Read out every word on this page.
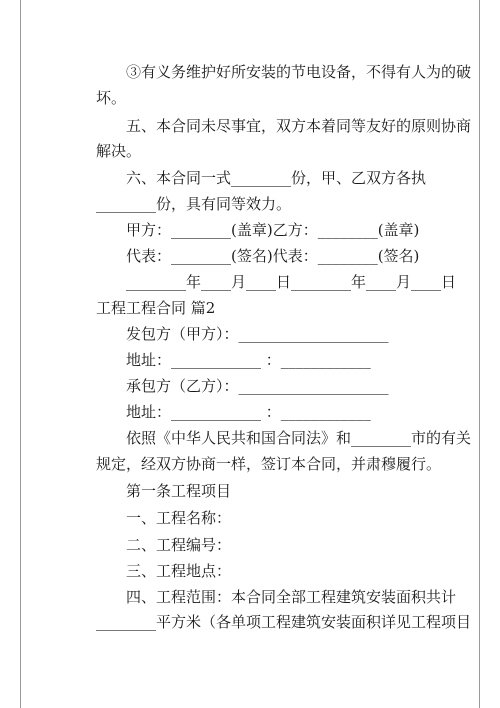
　　③有义务维护好所安装的节电设备，不得有人为的破
坏。
　　五、本合同未尽事宜，双方本着同等友好的原则协商
解决。
　　六、本合同一式________份，甲、乙双方各执
________份，具有同等效力。
　　甲方：________(盖章)乙方：________(盖章)
　　代表：________(签名)代表：________(签名)
　　________年____月____日________年____月____日
工程工程合同 篇2
　　发包方（甲方）：____________________
　　地址：____________ ：____________
　　承包方（乙方）：____________________
　　地址：____________ ：____________
　　依照《中华人民共和国合同法》和________市的有关
规定，经双方协商一样，签订本合同，并肃穆履行。
　　第一条工程项目
　　一、工程名称：
　　二、工程编号：
　　三、工程地点：
　　四、工程范围：本合同全部工程建筑安装面积共计
________平方米（各单项工程建筑安装面积详见工程项目
